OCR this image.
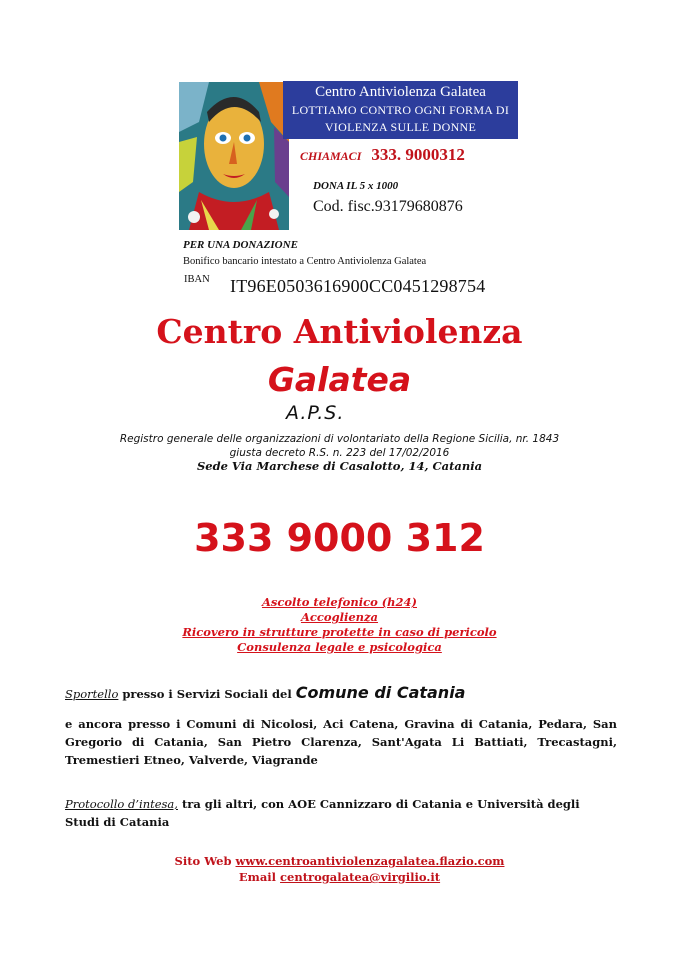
Centro Antiviolenza Galatea
LOTTIAMO CONTRO OGNI FORMA DI
VIOLENZA SULLE DONNE
CHIAMACI 333. 9000312
DONA IL 5 x 1000
Cod. fisc.93179680876
PER UNA DONAZIONE
Bonifico bancario intestato a Centro Antiviolenza Galatea
IBAN IT96E0503616900CC0451298754
Centro Antiviolenza
Galatea
A.P.S.
Registro generale delle organizzazioni di volontariato della Regione Sicilia, nr. 1843
giusta decreto R.S. n. 223 del 17/02/2016
Sede Via Marchese di Casalotto, 14, Catania
333 9000 312
Ascolto telefonico (h24)
Accoglienza
Ricovero in strutture protette in caso di pericolo
Consulenza legale e psicologica
Sportello presso i Servizi Sociali del Comune di Catania
e ancora presso i Comuni di Nicolosi, Aci Catena, Gravina di Catania, Pedara, San Gregorio di Catania, San Pietro Clarenza, Sant'Agata Li Battiati, Trecastagni, Tremestieri Etneo, Valverde, Viagrande
Protocollo d’intesa, tra gli altri, con AOE Cannizzaro di Catania e Università degli Studi di Catania
Sito Web www.centroantiviolenzagalatea.flazio.com
Email centrogalatea@virgilio.it
